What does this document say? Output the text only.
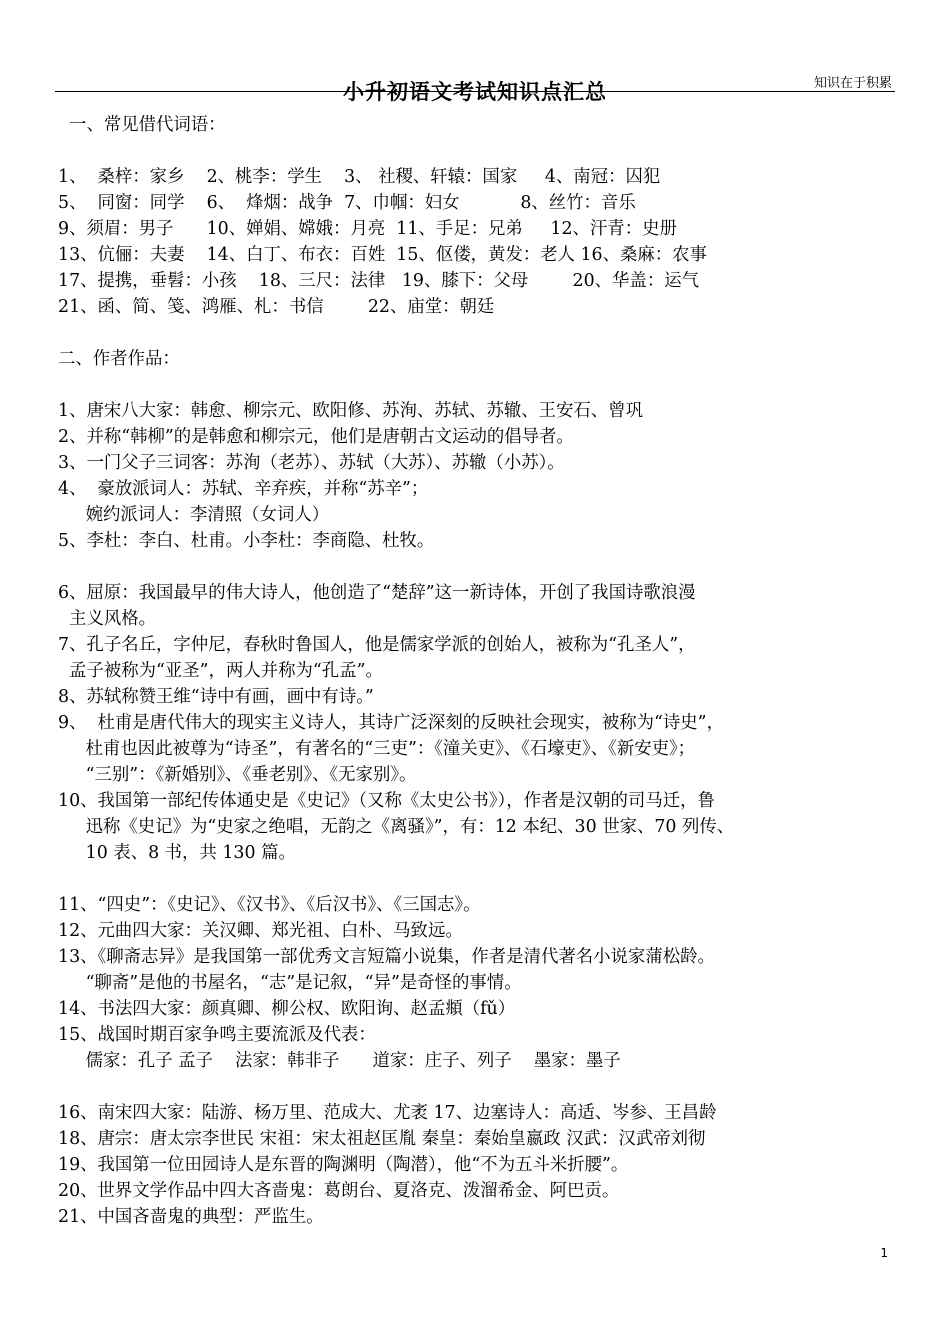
知识在于积累
小升初语文考试知识点汇总
一、常见借代词语：
1、  桑梓：家乡    2、桃李：学生    3、 社稷、轩辕：国家     4、南冠：囚犯
5、  同窗：同学    6、  烽烟：战争  7、巾帼：妇女           8、丝竹：音乐
9、须眉：男子      10、婵娟、嫦娥：月亮  11、手足：兄弟     12、汗青：史册
13、伉俪：夫妻    14、白丁、布衣：百姓  15、伛偻，黄发：老人 16、桑麻：农事
17、提携，垂髫：小孩    18、三尺：法律   19、膝下：父母        20、华盖：运气
21、函、简、笺、鸿雁、札：书信        22、庙堂：朝廷
二、作者作品：
1、唐宋八大家：韩愈、柳宗元、欧阳修、苏洵、苏轼、苏辙、王安石、曾巩
2、并称“韩柳”的是韩愈和柳宗元，他们是唐朝古文运动的倡导者。
3、一门父子三词客：苏洵（老苏）、苏轼（大苏）、苏辙（小苏）。
4、  豪放派词人：苏轼、辛弃疾，并称“苏辛”；
婉约派词人：李清照（女词人）
5、李杜：李白、杜甫。小李杜：李商隐、杜牧。
6、屈原：我国最早的伟大诗人，他创造了“楚辞”这一新诗体，开创了我国诗歌浪漫
主义风格。
7、孔子名丘，字仲尼，春秋时鲁国人，他是儒家学派的创始人，被称为“孔圣人”，
孟子被称为“亚圣”，两人并称为“孔孟”。
8、苏轼称赞王维“诗中有画，画中有诗。”
9、  杜甫是唐代伟大的现实主义诗人，其诗广泛深刻的反映社会现实，被称为“诗史”，
杜甫也因此被尊为“诗圣”，有著名的“三吏”：《潼关吏》、《石壕吏》、《新安吏》；
“三别”：《新婚别》、《垂老别》、《无家别》。
10、我国第一部纪传体通史是《史记》（又称《太史公书》），作者是汉朝的司马迁，鲁
迅称《史记》为“史家之绝唱，无韵之《离骚》”，有：12 本纪、30 世家、70 列传、
10 表、8 书，共 130 篇。
11、“四史”：《史记》、《汉书》、《后汉书》、《三国志》。
12、元曲四大家：关汉卿、郑光祖、白朴、马致远。
13、《聊斋志异》是我国第一部优秀文言短篇小说集，作者是清代著名小说家蒲松龄。
“聊斋”是他的书屋名，“志”是记叙，“异”是奇怪的事情。
14、书法四大家：颜真卿、柳公权、欧阳询、赵孟頫（fǔ）
15、战国时期百家争鸣主要流派及代表：
儒家：孔子 孟子    法家：韩非子      道家：庄子、列子    墨家：墨子
16、南宋四大家：陆游、杨万里、范成大、尤袤 17、边塞诗人：高适、岑参、王昌龄
18、唐宗：唐太宗李世民 宋祖：宋太祖赵匡胤 秦皇：秦始皇嬴政 汉武：汉武帝刘彻
19、我国第一位田园诗人是东晋的陶渊明（陶潜），他“不为五斗米折腰”。
20、世界文学作品中四大吝啬鬼：葛朗台、夏洛克、泼溜希金、阿巴贡。
21、中国吝啬鬼的典型：严监生。
1
